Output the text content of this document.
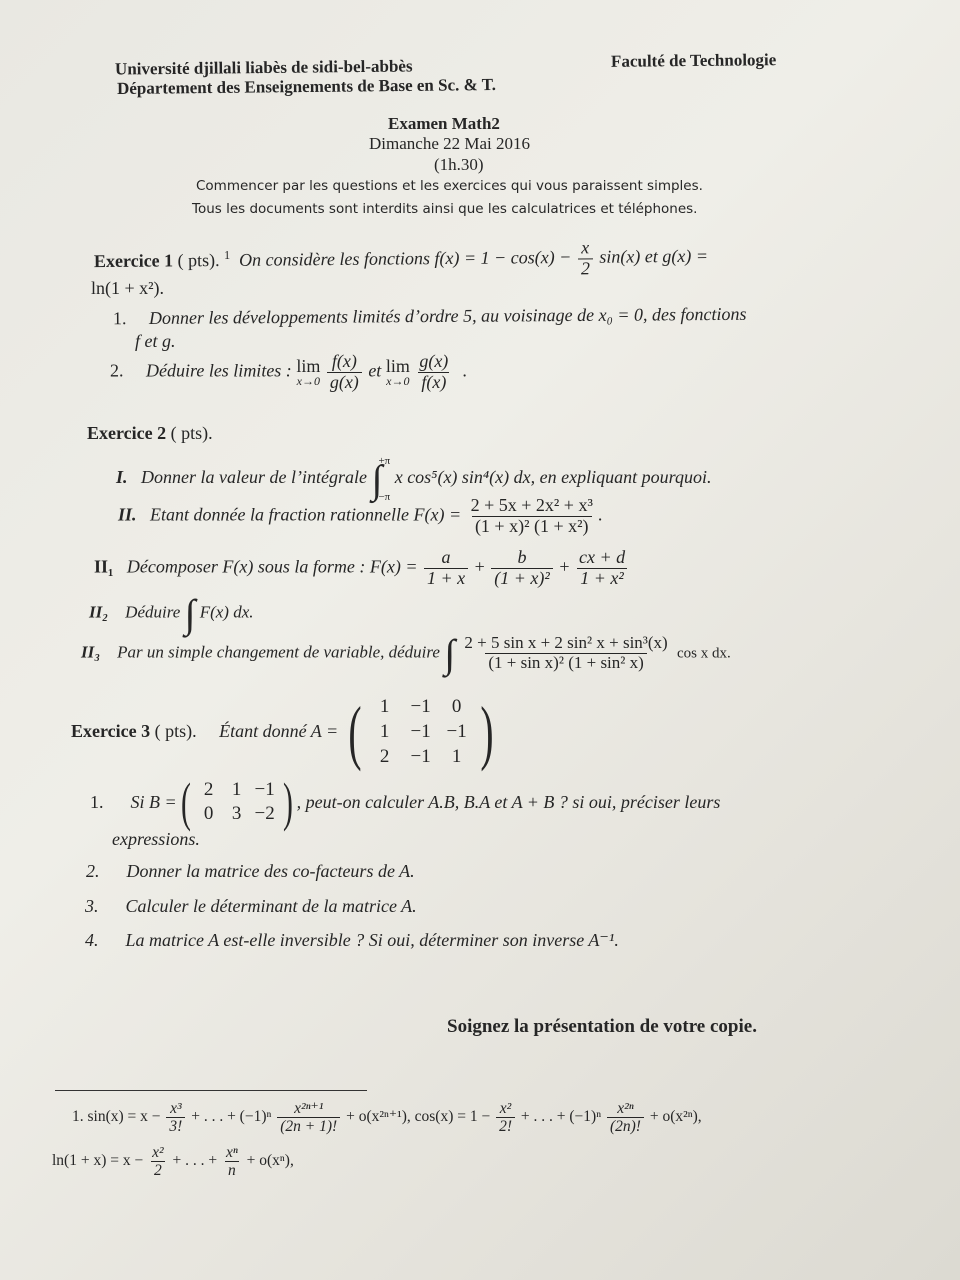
Université djillali liabès de sidi-bel-abbès	Faculté de Technologie
Département des Enseignements de Base en Sc. & T.
Examen Math2
Dimanche 22 Mai 2016
(1h.30)
Commencer par les questions et les exercices qui vous paraissent simples.
Tous les documents sont interdits ainsi que les calculatrices et téléphones.
Exercice 1 ( pts). $^1$ On considère les fonctions $f(x) = 1 - \cos(x) - \frac{x}{2} \sin(x)$ et g(x) =
ln(1 + x²).
1. Donner les développements limités d’ordre 5, au voisinage de x₀ = 0, des fonctions
f et g.
2. Déduire les limites : lim
x→0
$\frac{f(x)}{g(x)}$ et lim
x→0
$\frac{g(x)}{f(x)}$ .
Exercice 2 ( pts).
I. Donner la valeur de l’intégrale ∫
+π
−π
x cos⁵(x) sin⁴(x) dx, en expliquant pourquoi.
II. Etant donnée la fraction rationnelle $F(x) = \frac{\text{2 + 5x + 2x² + x³}}{\text{(1 + x)² (1 + x²)}}$ .
II₁ Décomposer F(x) sous la forme : $F(x) = \frac{a}{1 + x} + \frac{b}{\text{(1 + x)²}} + \frac{cx + d}{\text{1 + x²}}$
II₂ Déduire ∫ F(x) dx.
II₃ Par un simple changement de variable, déduire ∫ $\frac{\text{2 + 5 sin x + 2 sin² x + sin³(x)}}{\text{(1 + sin x)² (1 + sin² x)}}$ cos x dx.
Exercice 3
( pts).
Étant donné A =
( 1	−1	0
1	−1 −1
2	−1	1 )
1.
Si B = ( 2 1 −1
0 3 −2 ) , peut-on calculer A.B, B.A et A + B ? si oui, préciser leurs
expressions.
2. Donner la matrice des co-facteurs de A.
3. Calculer le déterminant de la matrice A.
4. La matrice A est-elle inversible ? Si oui, déterminer son inverse A⁻¹.
Soignez la présentation de votre copie.
1. $\sin(x) = x - \frac{\text{x³}}{3!}$ + . . . + $(-1)^n \frac{\text{x²ⁿ⁺¹}}{(2n + 1)!} + o(x^{2n+1})$, $\cos(x) = 1 - \frac{\text{x²}}{2!}$ + . . . + $(-1)^n \frac{\text{x²ⁿ}}{(2n)!} + o(x^{2n})$,
$\ln(1 + x) = x - \frac{\text{x²}}{2}$ + . . . + $\frac{\text{xⁿ}}{n} + o(x^n)$,
